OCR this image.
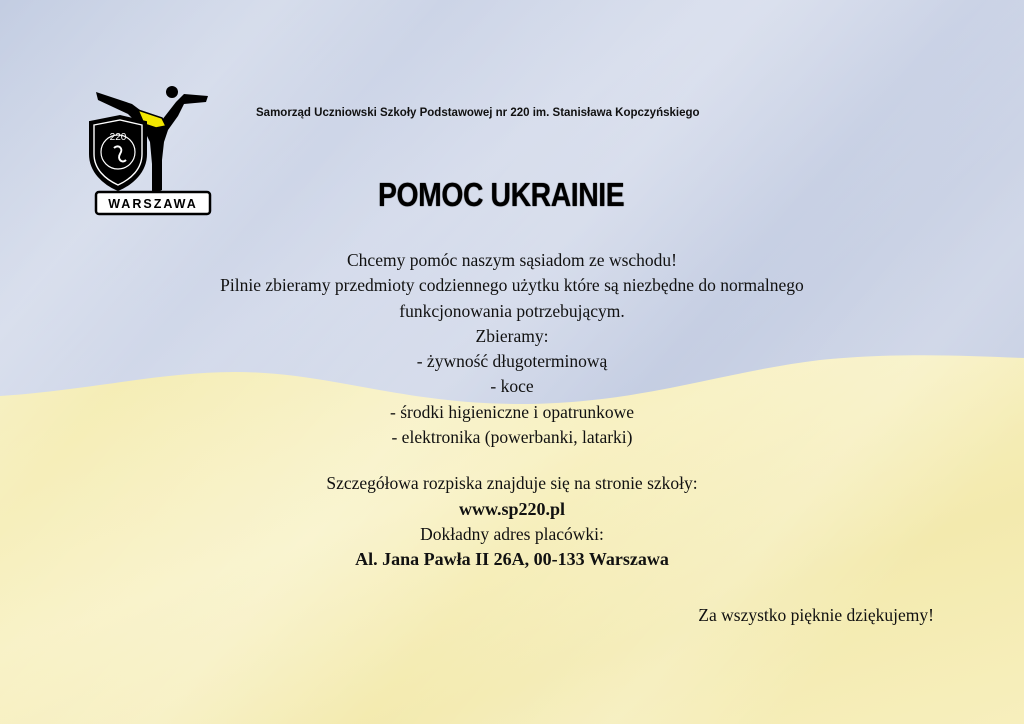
220
WARSZAWA
Samorząd Uczniowski Szkoły Podstawowej nr 220 im. Stanisława Kopczyńskiego
POMOC UKRAINIE
Chcemy pomóc naszym sąsiadom ze wschodu!
Pilnie zbieramy przedmioty codziennego użytku które są niezbędne do normalnego
funkcjonowania potrzebującym.
Zbieramy:
- żywność długoterminową
- koce
- środki higieniczne i opatrunkowe
- elektronika (powerbanki, latarki)
Szczegółowa rozpiska znajduje się na stronie szkoły:
www.sp220.pl
Dokładny adres placówki:
Al. Jana Pawła II 26A, 00-133 Warszawa
Za wszystko pięknie dziękujemy!
